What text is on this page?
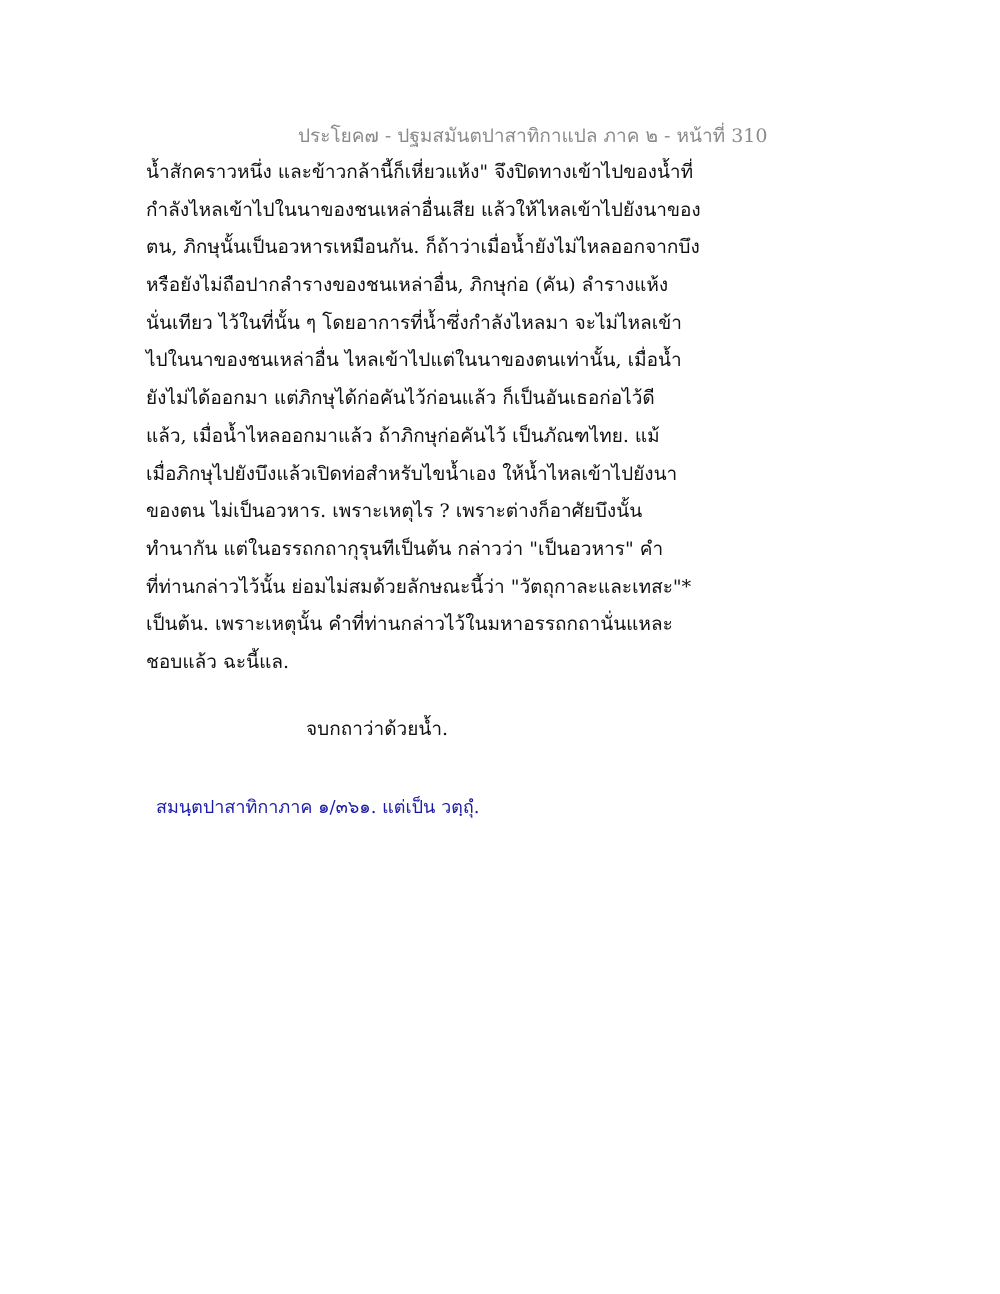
ประโยค๗ - ปฐมสมันตปาสาทิกาแปล ภาค ๒ - หน้าที่ 310
น้ำสักคราวหนึ่ง และข้าวกล้านี้ก็เหี่ยวแห้ง" จึงปิดทางเข้าไปของน้ำที่
กำลังไหลเข้าไปในนาของชนเหล่าอื่นเสีย แล้วให้ไหลเข้าไปยังนาของ
ตน, ภิกษุนั้นเป็นอวหารเหมือนกัน. ก็ถ้าว่าเมื่อน้ำยังไม่ไหลออกจากบึง
หรือยังไม่ถือปากลำรางของชนเหล่าอื่น, ภิกษุก่อ (คัน) ลำรางแห้ง
นั่นเทียว ไว้ในที่นั้น ๆ โดยอาการที่น้ำซึ่งกำลังไหลมา จะไม่ไหลเข้า
ไปในนาของชนเหล่าอื่น ไหลเข้าไปแต่ในนาของตนเท่านั้น, เมื่อน้ำ
ยังไม่ได้ออกมา แต่ภิกษุได้ก่อคันไว้ก่อนแล้ว ก็เป็นอันเธอก่อไว้ดี
แล้ว, เมื่อน้ำไหลออกมาแล้ว ถ้าภิกษุก่อคันไว้ เป็นภัณฑไทย. แม้
เมื่อภิกษุไปยังบึงแล้วเปิดท่อสำหรับไขน้ำเอง ให้น้ำไหลเข้าไปยังนา
ของตน ไม่เป็นอวหาร. เพราะเหตุไร ? เพราะต่างก็อาศัยบึงนั้น
ทำนากัน แต่ในอรรถกถากุรุนทีเป็นต้น กล่าวว่า "เป็นอวหาร" คำ
ที่ท่านกล่าวไว้นั้น ย่อมไม่สมด้วยลักษณะนี้ว่า "วัตถุกาละและเทสะ"*
เป็นต้น. เพราะเหตุนั้น คำที่ท่านกล่าวไว้ในมหาอรรถกถานั่นแหละ
ชอบแล้ว ฉะนี้แล.
จบกถาว่าด้วยน้ำ.
สมนฺตปาสาทิกาภาค ๑/๓๖๑. แต่เป็น วตฺถุํ.
